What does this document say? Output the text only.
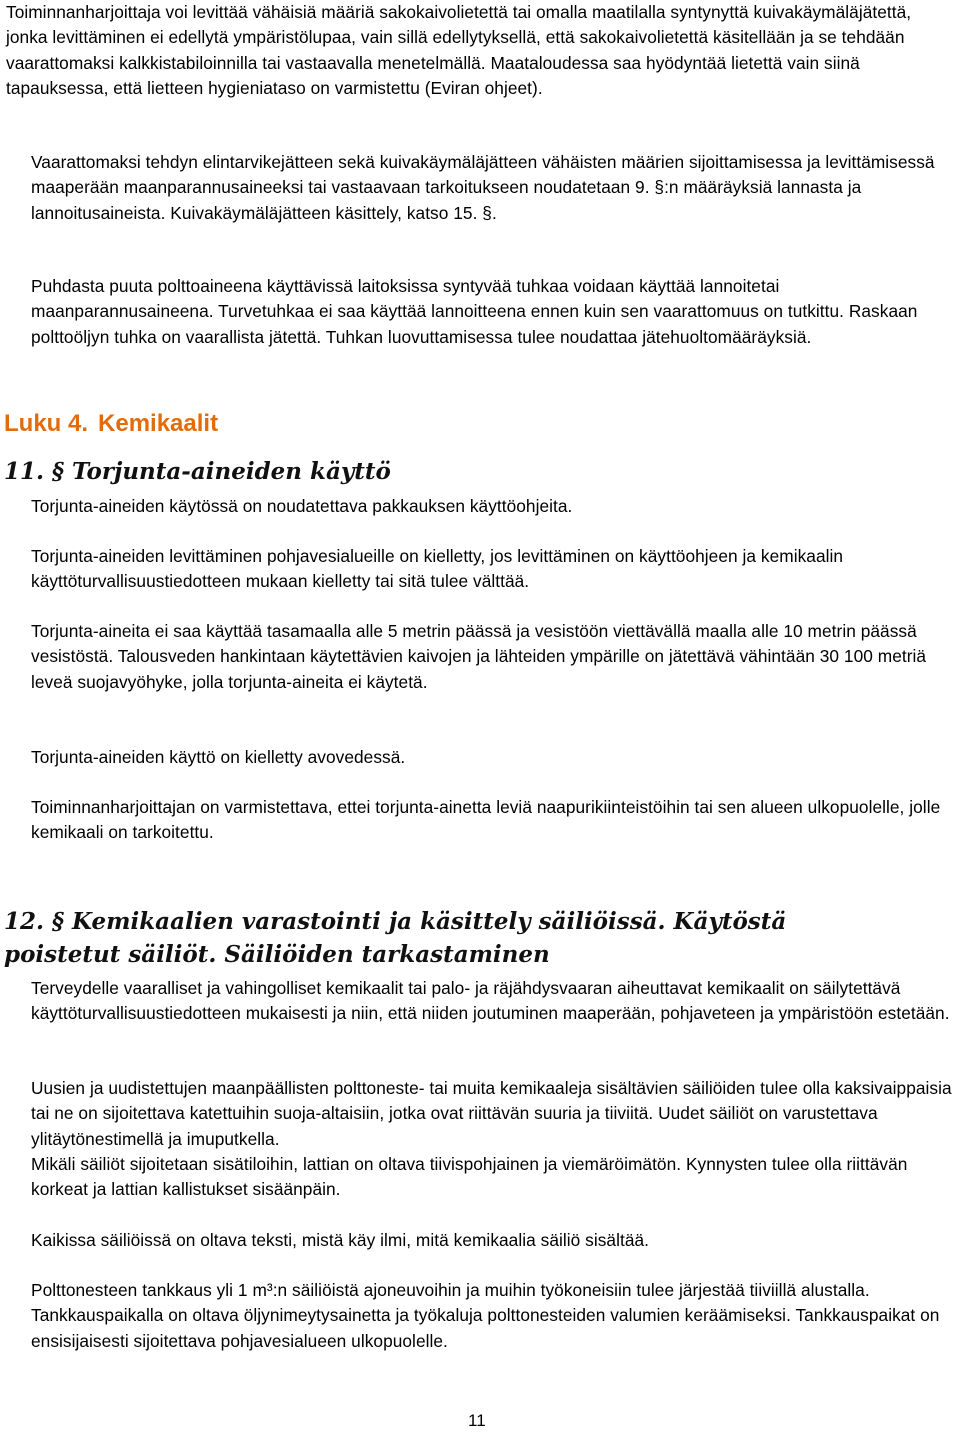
Toiminnanharjoittaja voi levittää vähäisiä määriä sakokaivolietettä tai omalla maatilalla syntynyttä kuivakäymäläjätettä, jonka levittäminen ei edellytä ympäristölupaa, vain sillä edellytyksellä, että sakokaivolietettä käsitellään ja se tehdään vaarattomaksi kalkkistabiloinnilla tai vastaavalla menetelmällä. Maataloudessa saa hyödyntää lietettä vain siinä tapauksessa, että lietteen hygieniataso on varmistettu (Eviran ohjeet).

Vaarattomaksi tehdyn elintarvikejätteen sekä kuivakäymäläjätteen vähäisten määrien sijoittamisessa ja levittämisessä maaperään maanparannusaineeksi tai vastaavaan tarkoitukseen noudatetaan 9. §:n määräyksiä lannasta ja lannoitusaineista. Kuivakäymäläjätteen käsittely, katso 15. §.

Puhdasta puuta polttoaineena käyttävissä laitoksissa syntyvää tuhkaa voidaan käyttää lannoitetai maanparannusaineena. Turvetuhkaa ei saa käyttää lannoitteena ennen kuin sen vaarattomuus on tutkittu. Raskaan polttoöljyn tuhka on vaarallista jätettä. Tuhkan luovuttamisessa tulee noudattaa jätehuoltomääräyksiä.

Luku 4. Kemikaalit
11. § Torjunta-aineiden käyttö

Torjunta-aineiden käytössä on noudatettava pakkauksen käyttöohjeita.

Torjunta-aineiden levittäminen pohjavesialueille on kielletty, jos levittäminen on käyttöohjeen ja kemikaalin käyttöturvallisuustiedotteen mukaan kielletty tai sitä tulee välttää.

Torjunta-aineita ei saa käyttää tasamaalla alle 5 metrin päässä ja vesistöön viettävällä maalla alle 10 metrin päässä vesistöstä. Talousveden hankintaan käytettävien kaivojen ja lähteiden ympärille on jätettävä vähintään 30 100 metriä leveä suojavyöhyke, jolla torjunta-aineita ei käytetä.

Torjunta-aineiden käyttö on kielletty avovedessä.

Toiminnanharjoittajan on varmistettava, ettei torjunta-ainetta leviä naapurikiinteistöihin tai sen alueen ulkopuolelle, jolle kemikaali on tarkoitettu.

12. § Kemikaalien varastointi ja käsittely säiliöissä. Käytöstä poistetut säiliöt. Säiliöiden tarkastaminen

Terveydelle vaaralliset ja vahingolliset kemikaalit tai palo- ja räjähdysvaaran aiheuttavat kemikaalit on säilytettävä käyttöturvallisuustiedotteen mukaisesti ja niin, että niiden joutuminen maaperään, pohjaveteen ja ympäristöön estetään.

Uusien ja uudistettujen maanpäällisten polttoneste- tai muita kemikaaleja sisältävien säiliöiden tulee olla kaksivaippaisia tai ne on sijoitettava katettuihin suoja-altaisiin, jotka ovat riittävän suuria ja tiiviitä. Uudet säiliöt on varustettava ylitäytönestimellä ja imuputkella.

Mikäli säiliöt sijoitetaan sisätiloihin, lattian on oltava tiivispohjainen ja viemäröimätön. Kynnysten tulee olla riittävän korkeat ja lattian kallistukset sisäänpäin.

Kaikissa säiliöissä on oltava teksti, mistä käy ilmi, mitä kemikaalia säiliö sisältää.

Polttonesteen tankkaus yli 1 m³:n säiliöistä ajoneuvoihin ja muihin työkoneisiin tulee järjestää tiiviillä alustalla. Tankkauspaikalla on oltava öljynimeytysainetta ja työkaluja polttonesteiden valumien keräämiseksi. Tankkauspaikat on ensisijaisesti sijoitettava pohjavesialueen ulkopuolelle.

11
